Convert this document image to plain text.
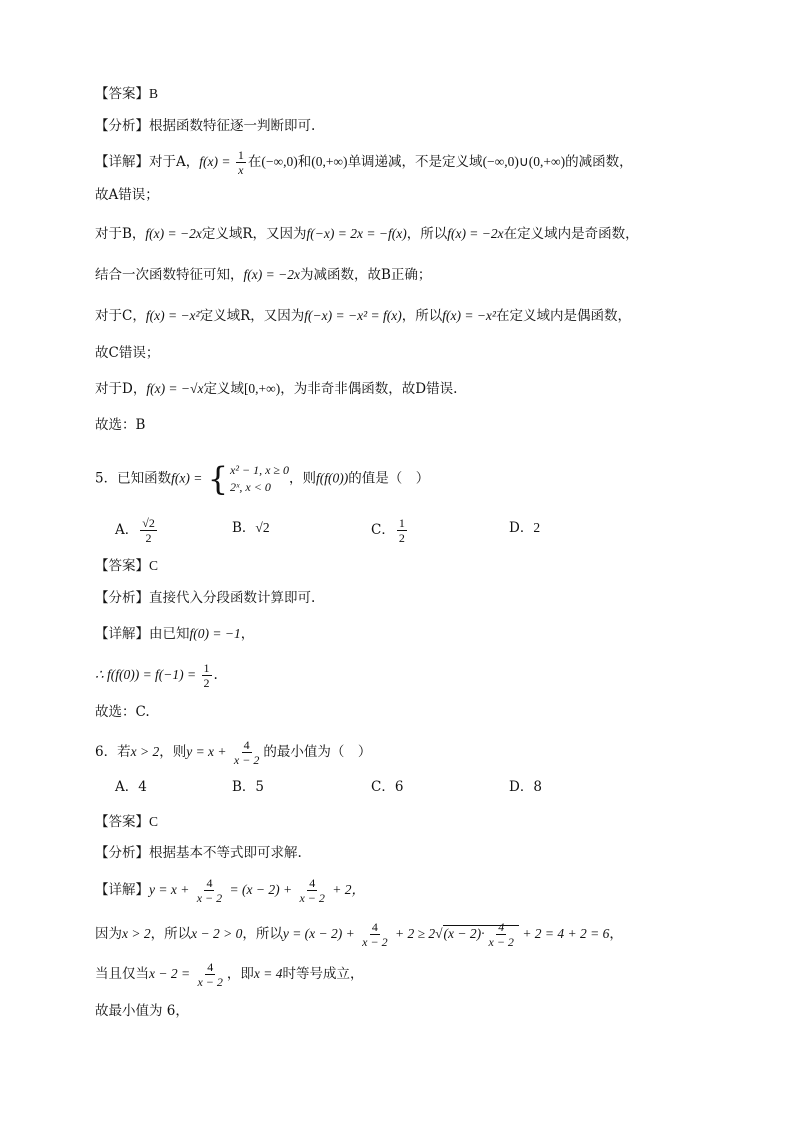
【答案】B
【分析】根据函数特征逐一判断即可.
【详解】对于A，$f(x) = \frac{1}{x}$ 在(−∞,0)和(0,+∞)单调递减，不是定义域(−∞,0)∪(0,+∞)的减函数，
故A错误；
对于B，f(x) = −2x定义域R，又因为f(−x) = 2x = −f(x)，所以f(x) = −2x在定义域内是奇函数，
结合一次函数特征可知，f(x) = −2x为减函数，故B正确；
对于C，f(x) = −x²定义域R，又因为f(−x) = −x² = f(x)，所以f(x) = −x²在定义域内是偶函数，
故C错误；
对于D，f(x) = −√x定义域[0,+∞)，为非奇非偶函数，故D错误.
故选：B
5．已知函数f(x) = { x² − 1, x ≥ 0
2ˣ, x < 0
，则f(f(0))的值是（　）
A． $\frac{√2}{2}$	B．√2	C． $\frac{1}{2}$	D．2
【答案】C
【分析】直接代入分段函数计算即可.
【详解】由已知f(0) = −1，
∴ $f(f(0)) = f(-1) = \frac{1}{2}$ .
故选：C.
6．若x > 2，则$y = x + \frac{4}{x - 2}$ 的最小值为（　）
A．4	B．5	C．6	D．8
【答案】C
【分析】根据基本不等式即可求解.
【详解】$y = x + \frac{4}{x - 2} = (x - 2) + \frac{4}{x - 2} + 2$，
因为x > 2，所以x − 2 > 0，所以$y = (x - 2) + \frac{4}{x - 2} + 2 \ge 2√(x - 2)\cdot \frac{4}{x - 2} + 2 = 4 + 2 = 6$，
当且仅当$x - 2 = \frac{4}{x - 2}$ ，即x = 4时等号成立，
故最小值为 6，
